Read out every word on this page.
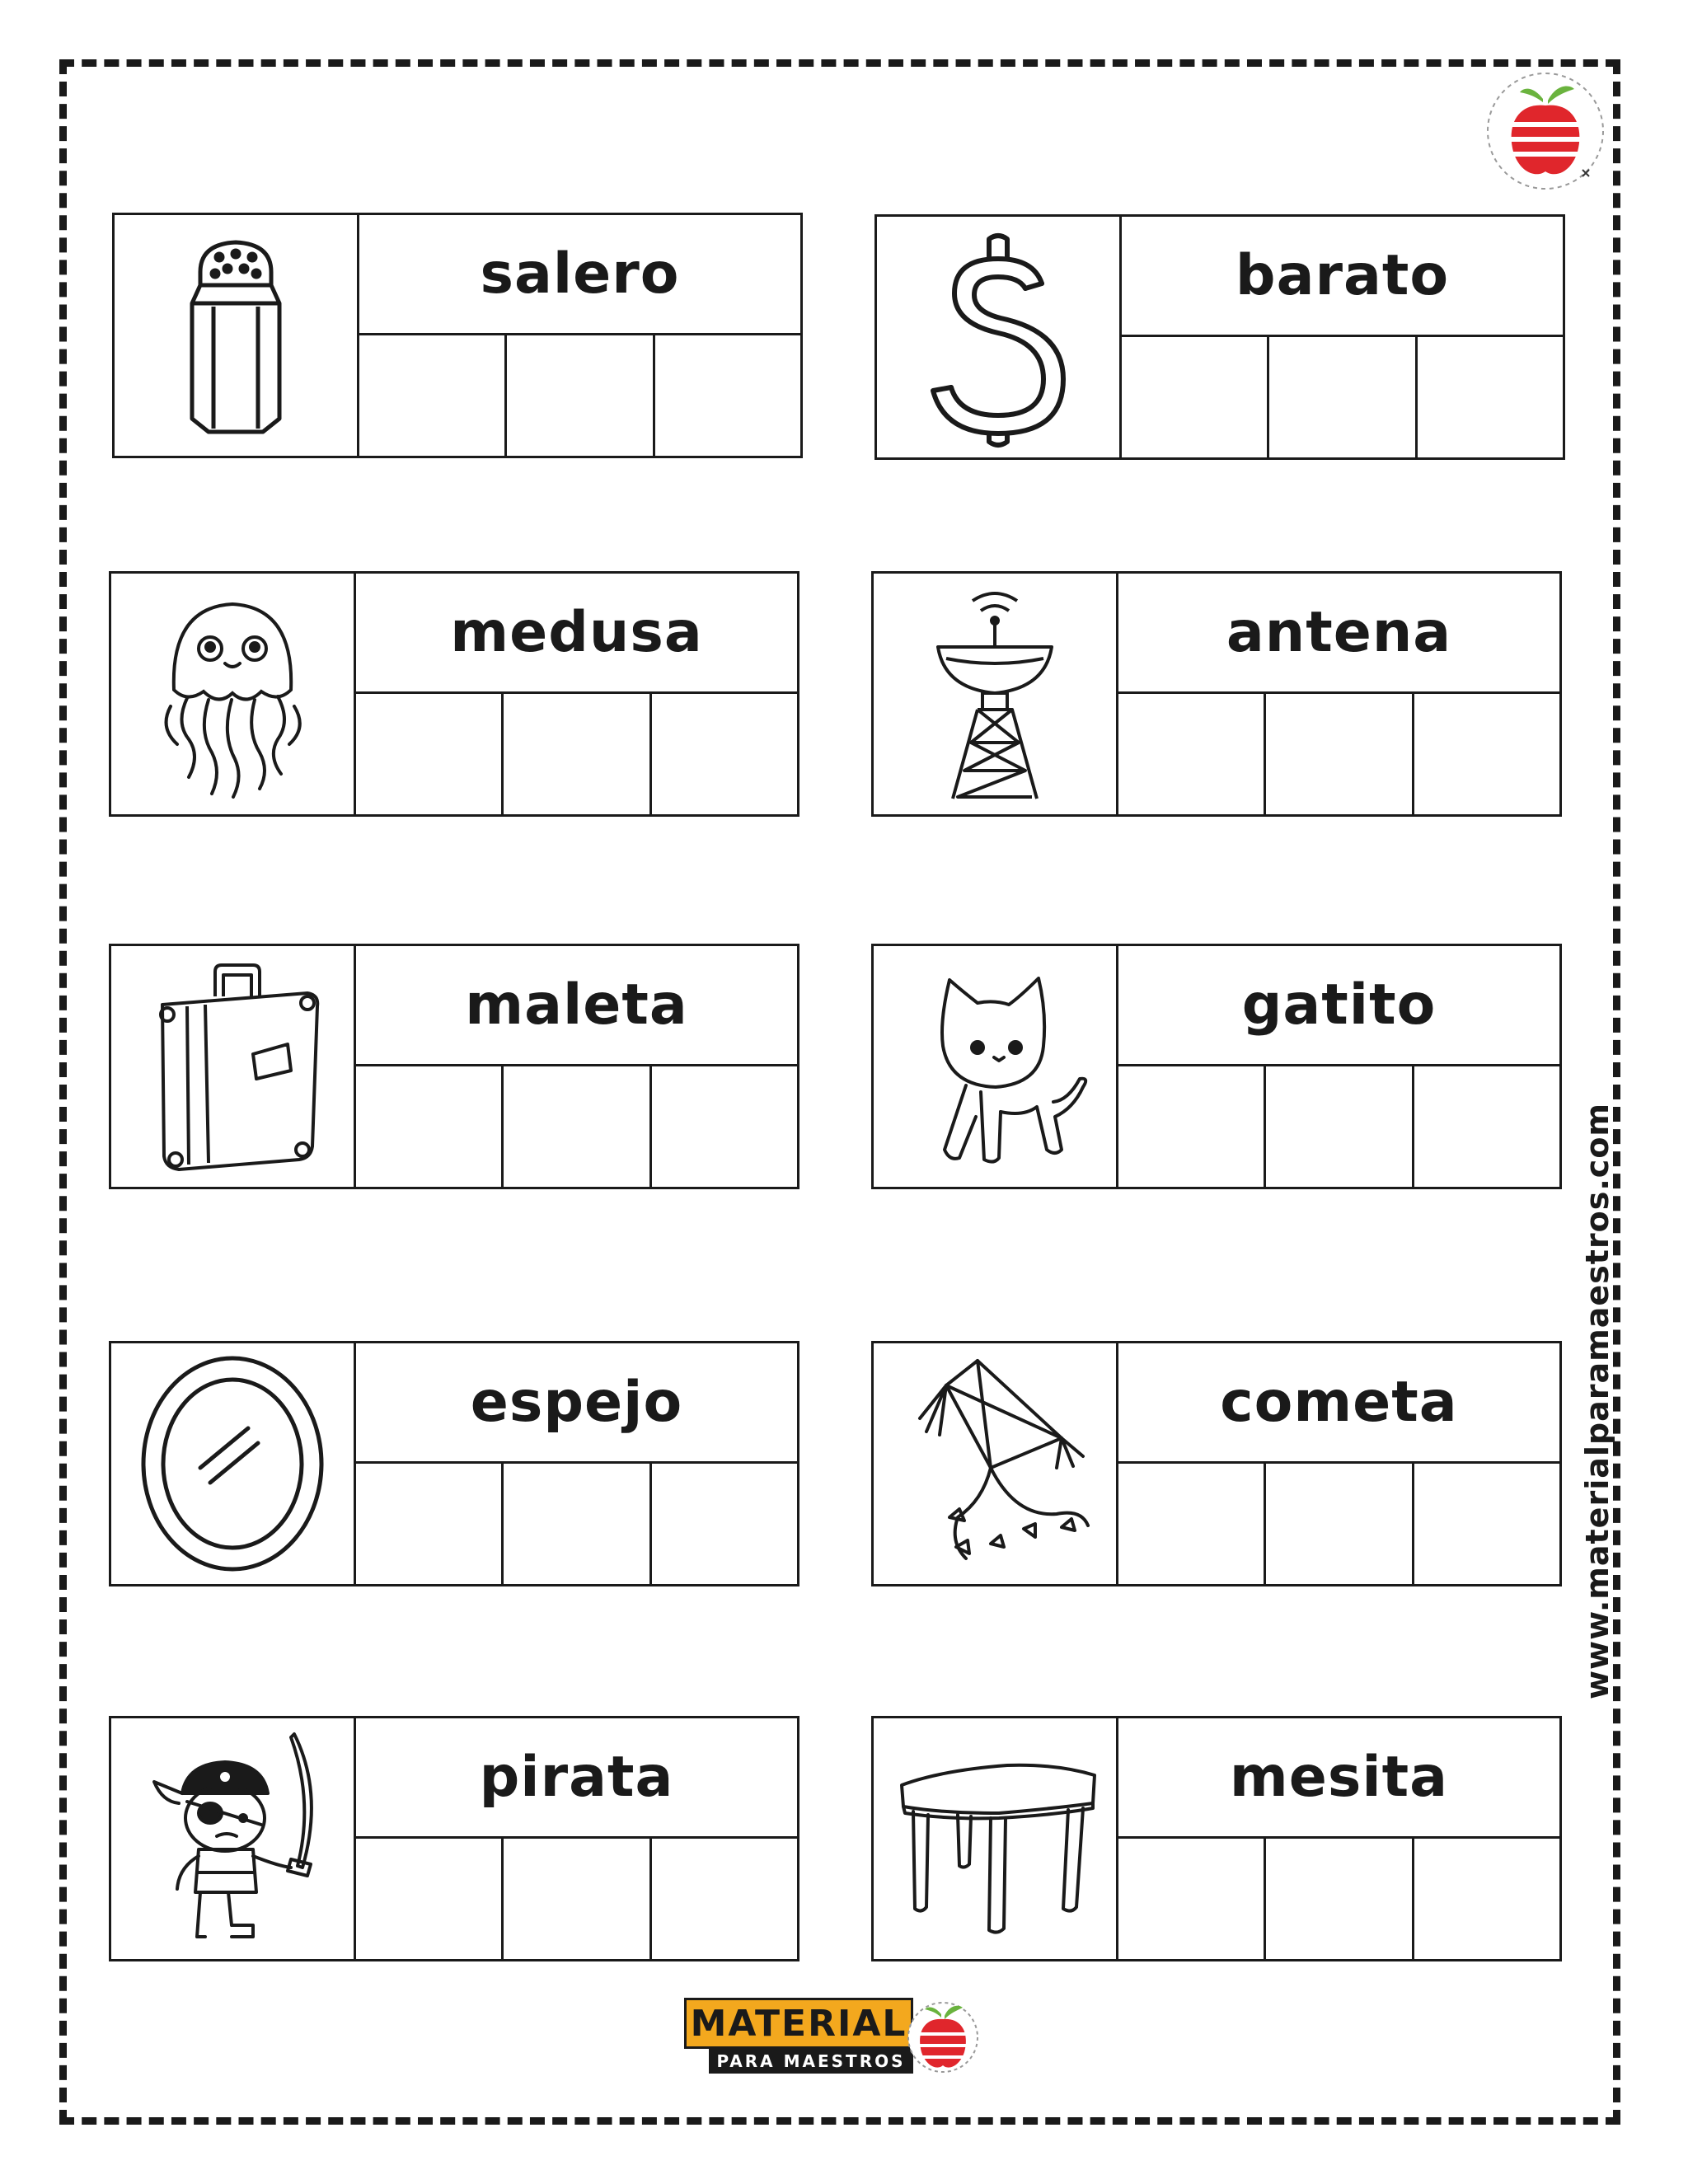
salero	barato
medusa	antena
maleta	gatito
espejo	cometa
pirata	mesita
www.materialparamaestros.com
MATERIAL
PARA MAESTROS
